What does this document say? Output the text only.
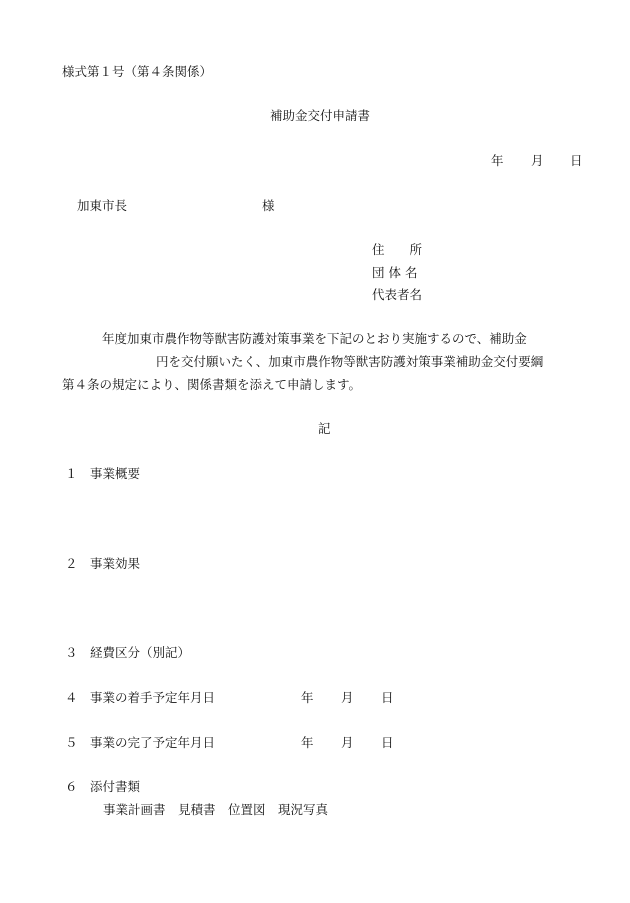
様式第１号（第４条関係）
補助金交付申請書
年 月 日
加東市長	様
住　　所
団 体 名
代表者名
年度加東市農作物等獣害防護対策事業を下記のとおり実施するので、補助金
円を交付願いたく、加東市農作物等獣害防護対策事業補助金交付要綱
第４条の規定により、関係書類を添えて申請します。
記
１ 事業概要
２ 事業効果
３ 経費区分（別記）
４ 事業の着手予定年月日	年 月 日
５ 事業の完了予定年月日	年 月 日
６ 添付書類
事業計画書　見積書　位置図　現況写真
